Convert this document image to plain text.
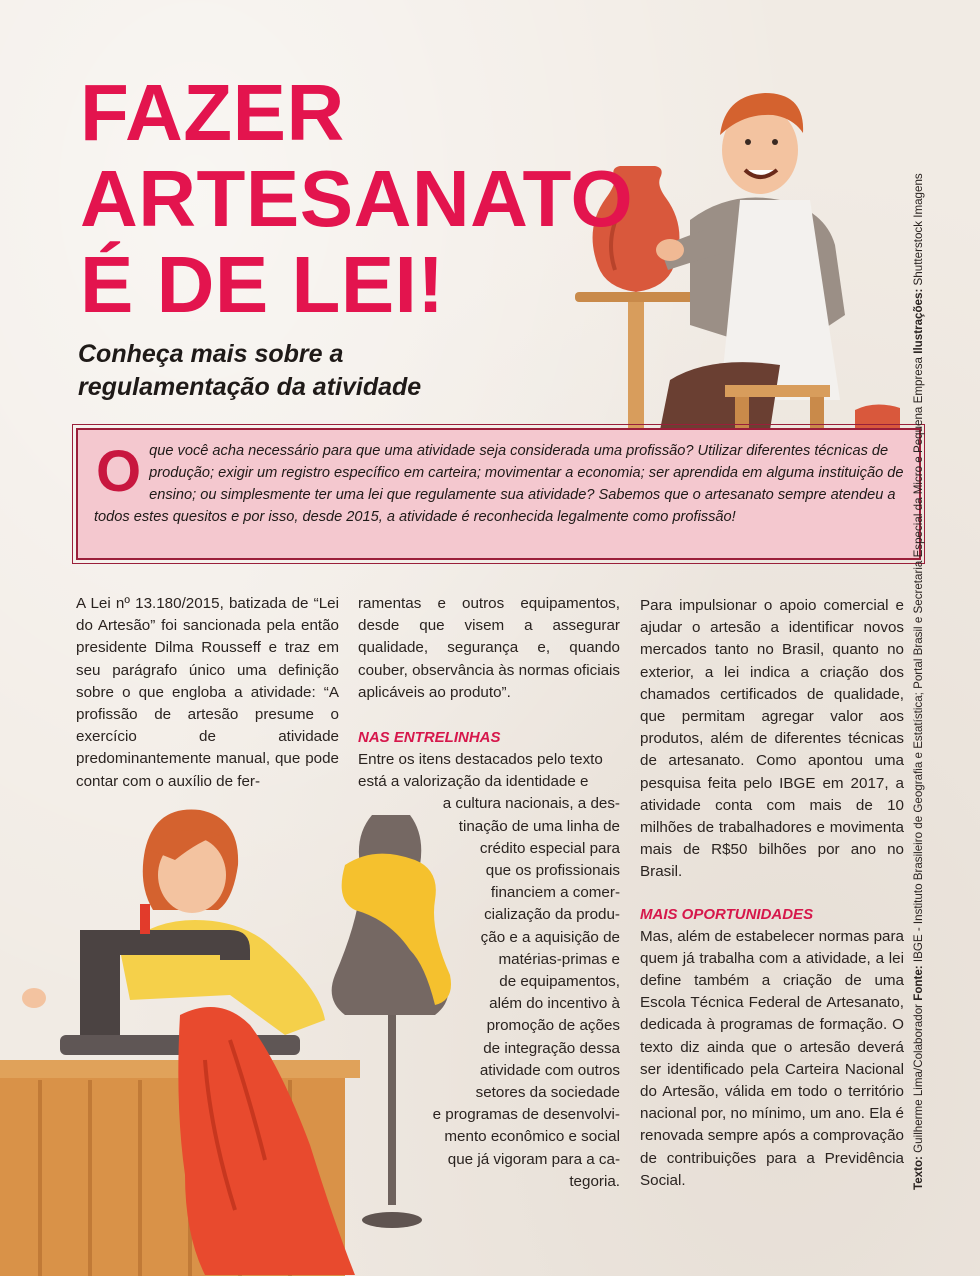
FAZER
ARTESANATO
É DE LEI!
Conheça mais sobre a
regulamentação da atividade

Oque você acha necessário para que uma atividade seja considerada uma profissão? Utilizar diferentes técnicas de produção; exigir um registro específico em carteira; movimentar a economia; ser aprendida em alguma instituição de ensino; ou simplesmente ter uma lei que regulamente sua atividade? Sabemos que o artesanato sempre atendeu a todos estes quesitos e por isso, desde 2015, a atividade é reconhecida legalmente como profissão!

A Lei nº 13.180/2015, batizada de “Lei do Artesão” foi sancionada pela então presidente Dilma Rousseff e traz em seu parágrafo único uma definição sobre o que engloba a atividade: “A profissão de artesão presume o exercício de atividade predominantemente manual, que pode contar com o auxílio de fer-

ramentas e outros equipamentos, desde que visem a assegurar qualidade, segurança e, quando couber, observância às normas oficiais aplicáveis ao produto”.

NAS ENTRELINHAS

Entre os itens destacados pelo texto
está a valorização da identidade e
a cultura nacionais, a des-
tinação de uma linha de
crédito especial para
que os profissionais
financiem a comer-
cialização da produ-
ção e a aquisição de
matérias-primas e
de equipamentos,
além do incentivo à
promoção de ações
de integração dessa
atividade com outros
setores da sociedade
e programas de desenvolvi-
mento econômico e social
que já vigoram para a ca-
tegoria.

Para impulsionar o apoio comercial e ajudar o artesão a identificar novos mercados tanto no Brasil, quanto no exterior, a lei indica a criação dos chamados certificados de qualidade, que permitam agregar valor aos produtos, além de diferentes técnicas de artesanato. Como apontou uma pesquisa feita pelo IBGE em 2017, a atividade conta com mais de 10 milhões de trabalhadores e movimenta mais de R$50 bilhões por ano no Brasil.

MAIS OPORTUNIDADES

Mas, além de estabelecer normas para quem já trabalha com a atividade, a lei define também a criação de uma Escola Técnica Federal de Artesanato, dedicada à programas de formação. O texto diz ainda que o artesão deverá ser identificado pela Carteira Nacional do Artesão, válida em todo o território nacional por, no mínimo, um ano. Ela é renovada sempre após a comprovação de contribuições para a Previdência Social.	Texto: Guilherme Lima/Colaborador Fonte: IBGE - Instituto Brasileiro de Geografia e Estatística; Portal Brasil e Secretaria Especial da Micro e Pequena Empresa Ilustrações: Shutterstock Imagens
